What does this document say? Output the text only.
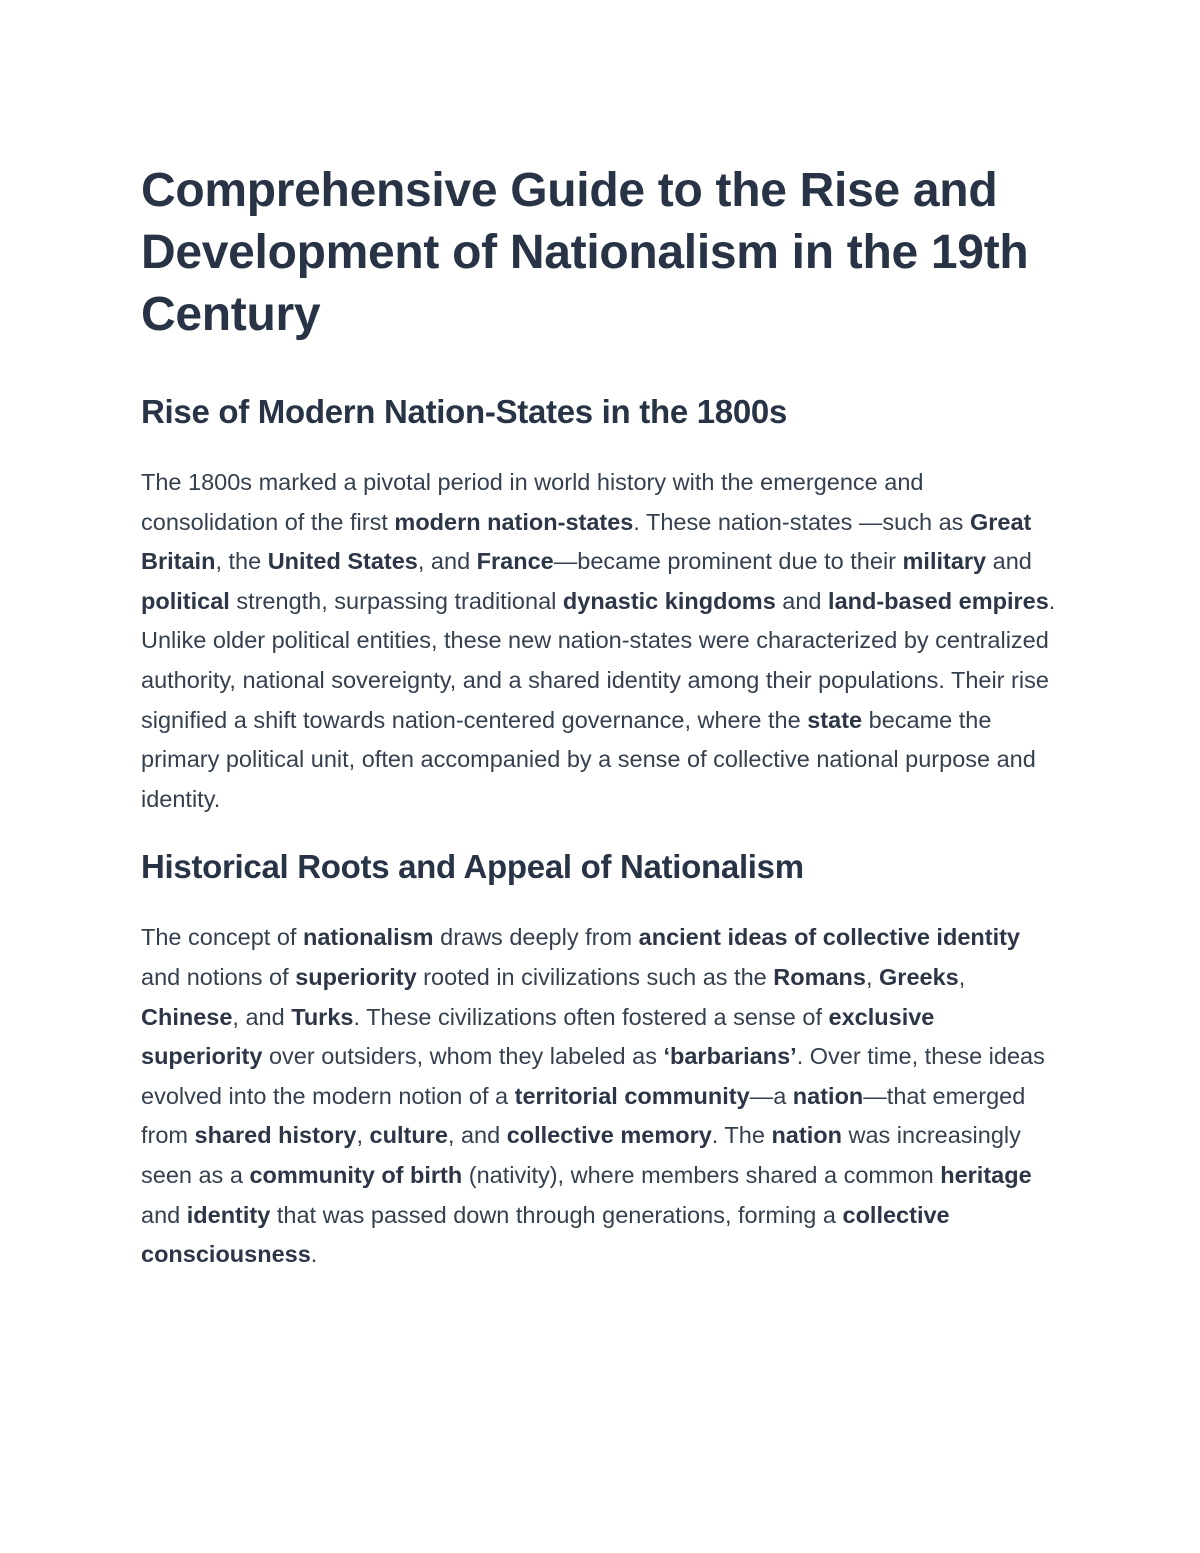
Comprehensive Guide to the Rise and Development of Nationalism in the 19th Century
Rise of Modern Nation-States in the 1800s

The 1800s marked a pivotal period in world history with the emergence and consolidation of the first modern nation-states. These nation-states —such as Great Britain, the United States, and France—became prominent due to their military and political strength, surpassing traditional dynastic kingdoms and land-based empires. Unlike older political entities, these new nation-states were characterized by centralized authority, national sovereignty, and a shared identity among their populations. Their rise signified a shift towards nation-centered governance, where the state became the primary political unit, often accompanied by a sense of collective national purpose and identity.

Historical Roots and Appeal of Nationalism

The concept of nationalism draws deeply from ancient ideas of collective identity and notions of superiority rooted in civilizations such as the Romans, Greeks, Chinese, and Turks. These civilizations often fostered a sense of exclusive superiority over outsiders, whom they labeled as ‘barbarians’. Over time, these ideas evolved into the modern notion of a territorial community—a nation—that emerged from shared history, culture, and collective memory. The nation was increasingly seen as a community of birth (nativity), where members shared a common heritage and identity that was passed down through generations, forming a collective consciousness.
